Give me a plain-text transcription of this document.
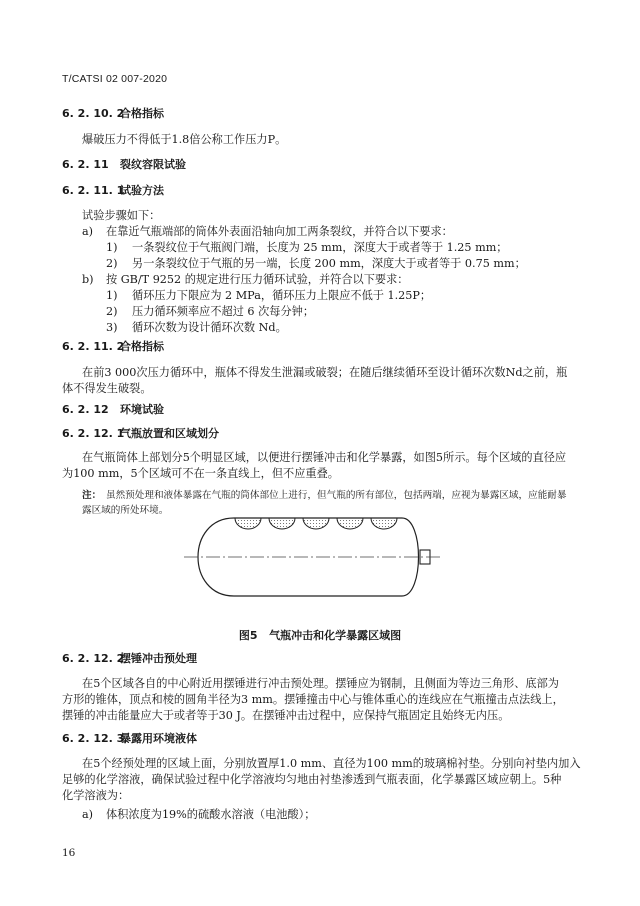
T/CATSI 02 007-2020
6. 2. 10. 2合格指标
爆破压力不得低于1.8倍公称工作压力P。
6. 2. 11 裂纹容限试验
6. 2. 11. 1试验方法
试验步骤如下：
a) 在靠近气瓶端部的筒体外表面沿轴向加工两条裂纹，并符合以下要求：
1) 一条裂纹位于气瓶阀门端，长度为 25 mm，深度大于或者等于 1.25 mm；
2) 另一条裂纹位于气瓶的另一端，长度 200 mm，深度大于或者等于 0.75 mm；
b) 按 GB/T 9252 的规定进行压力循环试验，并符合以下要求：
1) 循环压力下限应为 2 MPa，循环压力上限应不低于 1.25P；
2) 压力循环频率应不超过 6 次每分钟；
3) 循环次数为设计循环次数 Nd。
6. 2. 11. 2合格指标
在前3 000次压力循环中，瓶体不得发生泄漏或破裂；在随后继续循环至设计循环次数Nd之前，瓶
体不得发生破裂。
6. 2. 12 环境试验
6. 2. 12. 1气瓶放置和区域划分
在气瓶筒体上部划分5个明显区域，以便进行摆锤冲击和化学暴露，如图5所示。每个区域的直径应
为100 mm，5个区域可不在一条直线上，但不应重叠。
注： 虽然预处理和液体暴露在气瓶的筒体部位上进行，但气瓶的所有部位，包括两端，应视为暴露区域，应能耐暴
露区域的所处环境。
图5   气瓶冲击和化学暴露区域图
6. 2. 12. 2摆锤冲击预处理
在5个区域各自的中心附近用摆锤进行冲击预处理。摆锤应为钢制，且侧面为等边三角形、底部为
方形的锥体，顶点和棱的圆角半径为3 mm。摆锤撞击中心与锥体重心的连线应在气瓶撞击点法线上，
摆锤的冲击能量应大于或者等于30 J。在摆锤冲击过程中，应保持气瓶固定且始终无内压。
6. 2. 12. 3暴露用环境液体
在5个经预处理的区域上面，分别放置厚1.0 mm、直径为100 mm的玻璃棉衬垫。分别向衬垫内加入
足够的化学溶液，确保试验过程中化学溶液均匀地由衬垫渗透到气瓶表面，化学暴露区域应朝上。5种
化学溶液为：
a) 体积浓度为19%的硫酸水溶液（电池酸）；
16
